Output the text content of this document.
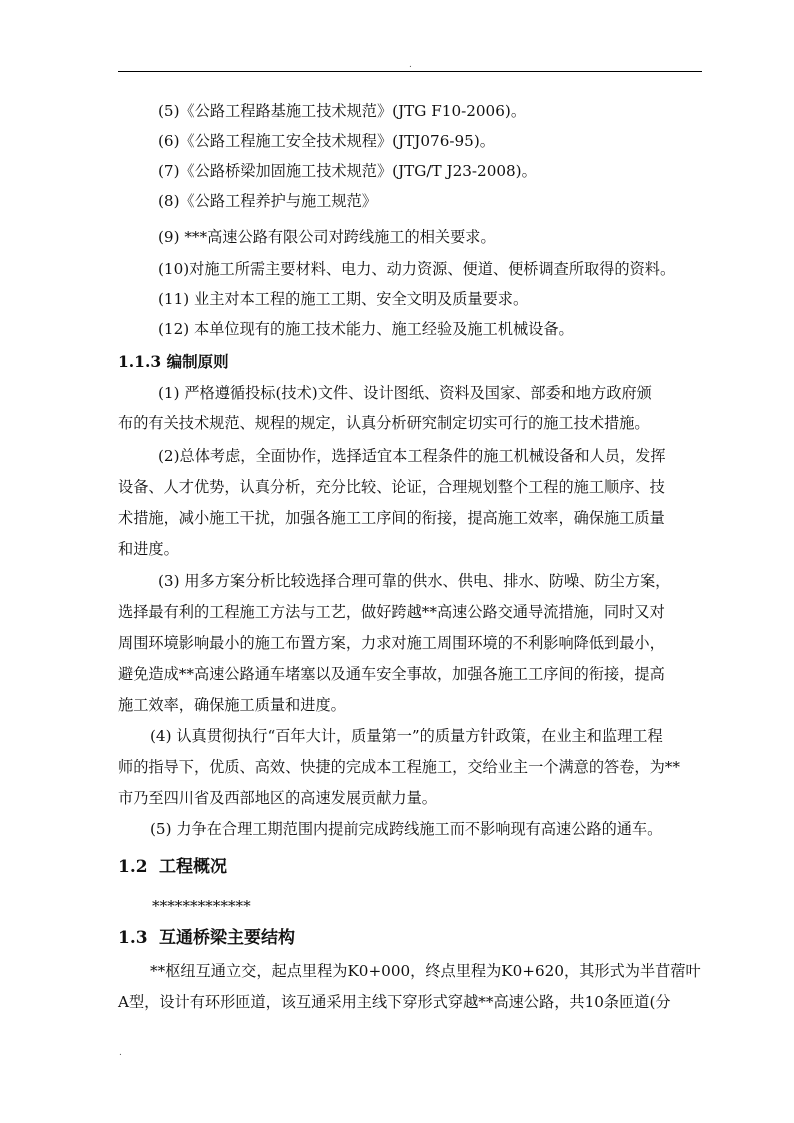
.
(5)《公路工程路基施工技术规范》(JTG F10-2006)。
(6)《公路工程施工安全技术规程》(JTJ076-95)。
(7)《公路桥梁加固施工技术规范》(JTG/T J23-2008)。
(8)《公路工程养护与施工规范》
(9) ***高速公路有限公司对跨线施工的相关要求。
(10)对施工所需主要材料、电力、动力资源、便道、便桥调查所取得的资料。
(11) 业主对本工程的施工工期、安全文明及质量要求。
(12) 本单位现有的施工技术能力、施工经验及施工机械设备。
1.1.3 编制原则
(1) 严格遵循投标(技术)文件、设计图纸、资料及国家、部委和地方政府颁
布的有关技术规范、规程的规定，认真分析研究制定切实可行的施工技术措施。
(2)总体考虑，全面协作，选择适宜本工程条件的施工机械设备和人员，发挥
设备、人才优势，认真分析，充分比较、论证，合理规划整个工程的施工顺序、技
术措施，减小施工干扰，加强各施工工序间的衔接，提高施工效率，确保施工质量
和进度。
(3) 用多方案分析比较选择合理可靠的供水、供电、排水、防噪、防尘方案，
选择最有利的工程施工方法与工艺，做好跨越**高速公路交通导流措施，同时又对
周围环境影响最小的施工布置方案，力求对施工周围环境的不利影响降低到最小，
避免造成**高速公路通车堵塞以及通车安全事故，加强各施工工序间的衔接，提高
施工效率，确保施工质量和进度。
(4) 认真贯彻执行“百年大计，质量第一”的质量方针政策，在业主和监理工程
师的指导下，优质、高效、快捷的完成本工程施工，交给业主一个满意的答卷，为**
市乃至四川省及西部地区的高速发展贡献力量。
(5) 力争在合理工期范围内提前完成跨线施工而不影响现有高速公路的通车。
1.2 工程概况
*************
1.3 互通桥梁主要结构
**枢纽互通立交，起点里程为K0+000，终点里程为K0+620，其形式为半苜蓿叶
A型，设计有环形匝道，该互通采用主线下穿形式穿越**高速公路，共10条匝道(分
.
